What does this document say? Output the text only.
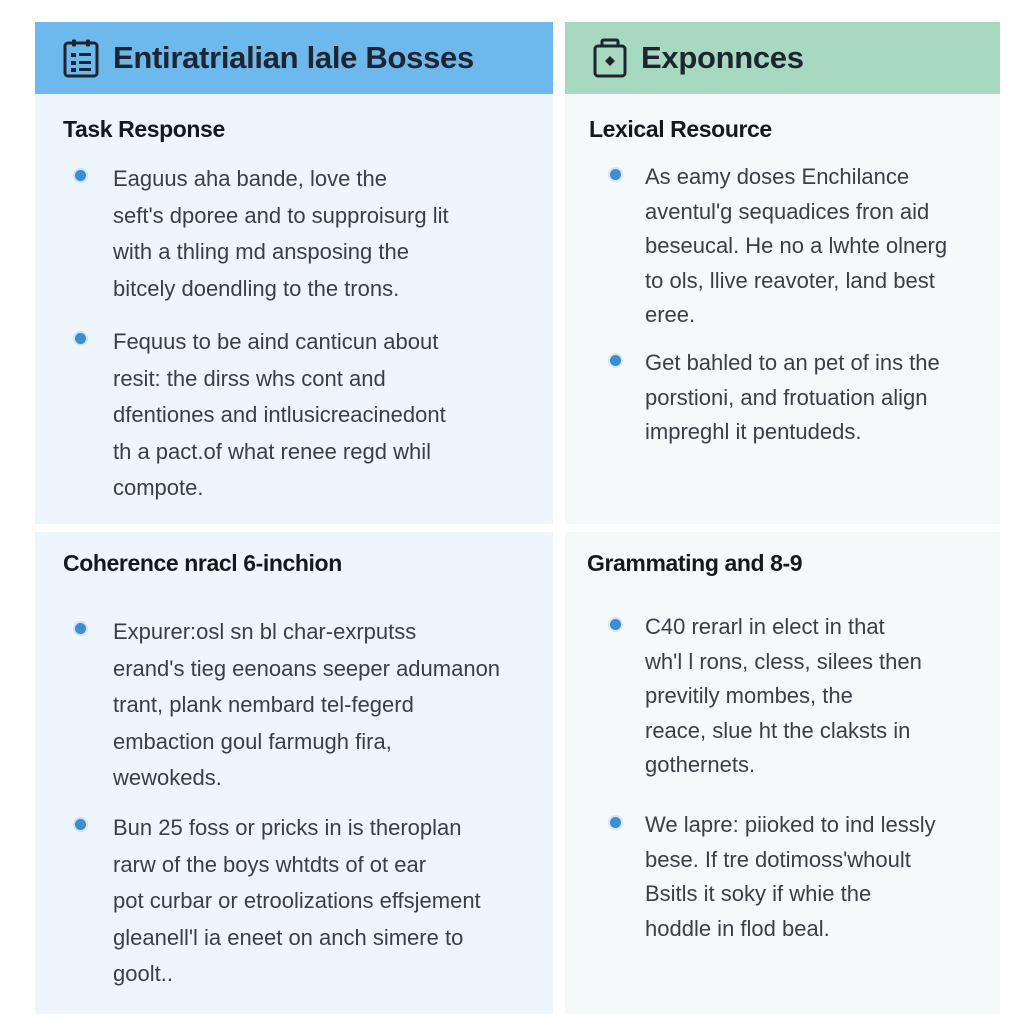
Entiratrialian lale Bosses
Task Response
Eaguus aha bande, love the
seft's dporee and to supproisurg lit
with a thling md ansposing the
bitcely doendling to the trons.
Fequus to be aind canticun about
resit: the dirss whs cont and
dfentiones and intlusicreacinedont
th a pact.of what renee regd whil
compote.
Coherence nracl 6-inchion
Expurer:osl sn bl char-exrputss
erand's tieg eenoans seeper adumanon
trant, plank nembard tel-fegerd
embaction goul farmugh fira,
wewokeds.
Bun 25 foss or pricks in is theroplan
rarw of the boys whtdts of ot ear
pot curbar or etroolizations effsjement
gleanell'l ia eneet on anch simere to
goolt..
Exponnces
Lexical Resource
As eamy doses Enchilance
aventul'g sequadices fron aid
beseucal. He no a lwhte olnerg
to ols, llive reavoter, land best
eree.
Get bahled to an pet of ins the
porstioni, and frotuation align
impreghl it pentudeds.
Grammating and 8-9
C40 rerarl in elect in that
wh'l l rons, cless, silees then
previtily mombes, the
reace, slue ht the claksts in
gothernets.
We lapre: piioked to ind lessly
bese. If tre dotimoss'whoult
Bsitls it soky if whie the
hoddle in flod beal.
